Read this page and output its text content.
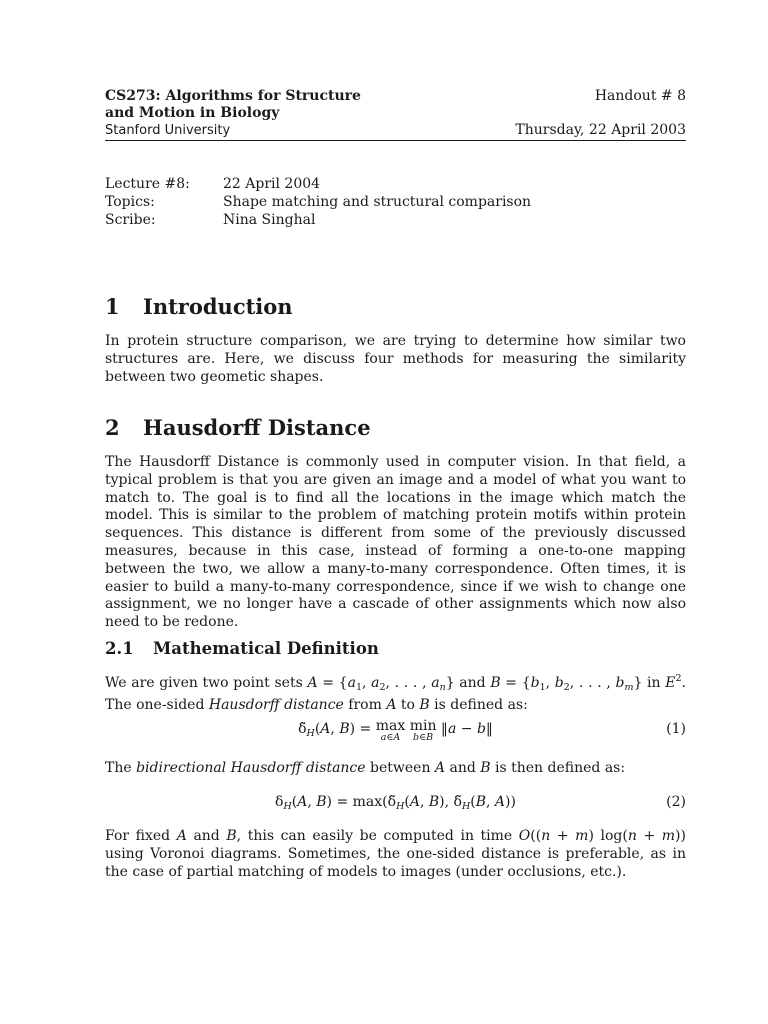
CS273: Algorithms for Structure	Handout # 8
and Motion in Biology
Stanford University	Thursday, 22 April 2003
Lecture #8:	22 April 2004
Topics:	Shape matching and structural comparison
Scribe:	Nina Singhal
1 Introduction
In protein structure comparison, we are trying to determine how similar two structures are. Here, we discuss four methods for measuring the similarity between two geometic shapes.
2 Hausdorff Distance
The Hausdorff Distance is commonly used in computer vision. In that field, a typical problem is that you are given an image and a model of what you want to match to. The goal is to find all the locations in the image which match the model. This is similar to the problem of matching protein motifs within protein sequences. This distance is different from some of the previously discussed measures, because in this case, instead of forming a one-to-one mapping between the two, we allow a many-to-many correspondence. Often times, it is easier to build a many-to-many correspondence, since if we wish to change one assignment, we no longer have a cascade of other assignments which now also need to be redone.
2.1 Mathematical Definition
We are given two point sets $A = \{a_1$, $a_2$, . . . , $a_n$} and $B = \{b_1$, $b_2$, . . . , $b_m$} in $E^2$. The one-sided Hausdorff distance from A to B is defined as:
$\deltã_H(A$, B) = max
a∈A
min
b∈B
‖a − b‖	(1)
The bidirectional Hausdorff distance between A and B is then defined as:
$\delta_H(A$, $B) = \max(\deltã_H(A$, B), $\deltã_H(B$, A))	(2)
For fixed A and B, this can easily be computed in time O((n + m) log(n + m)) using Voronoi diagrams. Sometimes, the one-sided distance is preferable, as in the case of partial matching of models to images (under occlusions, etc.).
